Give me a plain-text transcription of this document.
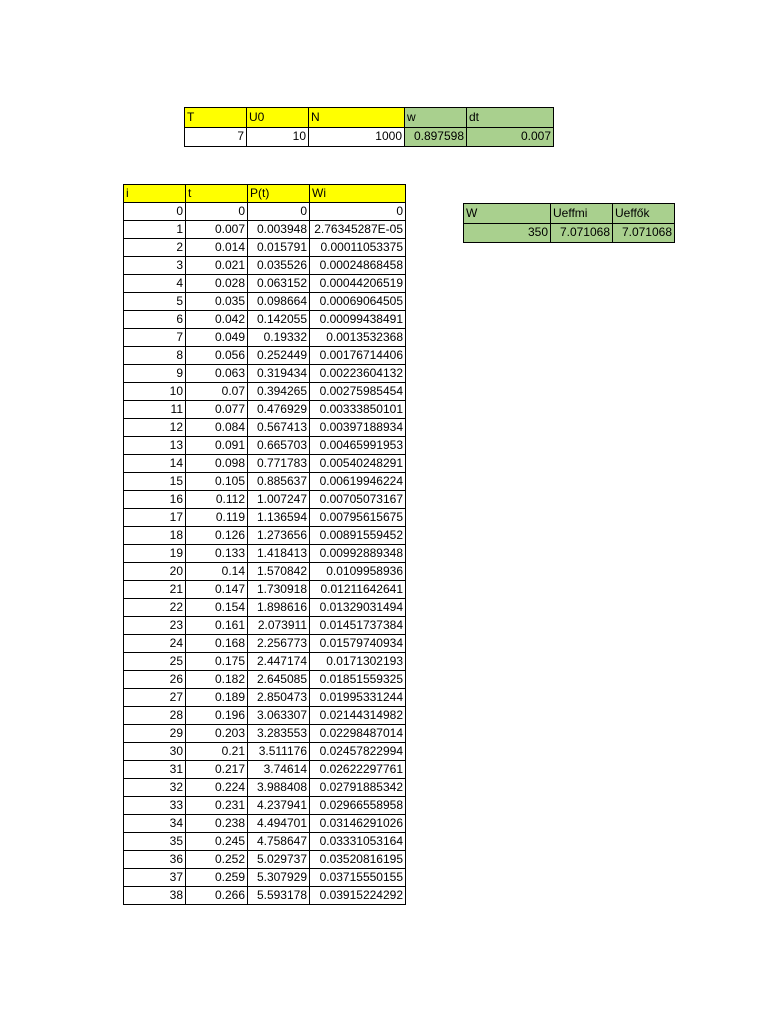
T	U0	N	w	dt
7	10	1000	0.897598	0.007
W	Ueffmi	Ueffők
350	7.071068	7.071068
i	t	P(t)	Wi
0	0	0	0
1	0.007	0.003948	2.76345287E-05
2	0.014	0.015791	0.00011053375
3	0.021	0.035526	0.00024868458
4	0.028	0.063152	0.00044206519
5	0.035	0.098664	0.00069064505
6	0.042	0.142055	0.00099438491
7	0.049	0.19332	0.0013532368
8	0.056	0.252449	0.00176714406
9	0.063	0.319434	0.00223604132
10	0.07	0.394265	0.00275985454
11	0.077	0.476929	0.00333850101
12	0.084	0.567413	0.00397188934
13	0.091	0.665703	0.00465991953
14	0.098	0.771783	0.00540248291
15	0.105	0.885637	0.00619946224
16	0.112	1.007247	0.00705073167
17	0.119	1.136594	0.00795615675
18	0.126	1.273656	0.00891559452
19	0.133	1.418413	0.00992889348
20	0.14	1.570842	0.0109958936
21	0.147	1.730918	0.01211642641
22	0.154	1.898616	0.01329031494
23	0.161	2.073911	0.01451737384
24	0.168	2.256773	0.01579740934
25	0.175	2.447174	0.0171302193
26	0.182	2.645085	0.01851559325
27	0.189	2.850473	0.01995331244
28	0.196	3.063307	0.02144314982
29	0.203	3.283553	0.02298487014
30	0.21	3.511176	0.02457822994
31	0.217	3.74614	0.02622297761
32	0.224	3.988408	0.02791885342
33	0.231	4.237941	0.02966558958
34	0.238	4.494701	0.03146291026
35	0.245	4.758647	0.03331053164
36	0.252	5.029737	0.03520816195
37	0.259	5.307929	0.03715550155
38	0.266	5.593178	0.03915224292
